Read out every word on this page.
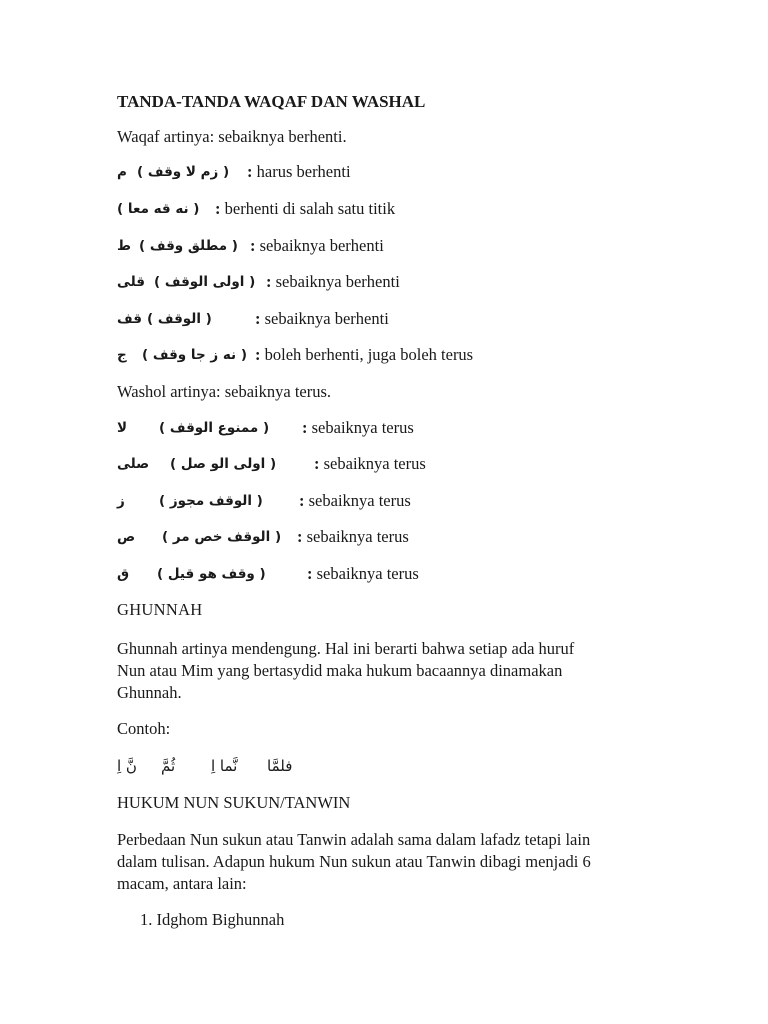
TANDA-TANDA WAQAF DAN WASHAL
Waqaf artinya: sebaiknya berhenti.
م ( زم لا وقف ) : harus berhenti
( نه قه معا ) : berhenti di salah satu titik
ط ( مطلق وقف ) : sebaiknya berhenti
قلى ( اولى الوقف ) : sebaiknya berhenti
قف ( الوقف )	: sebaiknya berhenti
ج ( نه ز جا وقف ) : boleh berhenti, juga boleh terus
Washol artinya: sebaiknya terus.
لا ( ممنوع الوقف ) : sebaiknya terus
صلى ( اولى الو صل ) : sebaiknya terus
ز	( الوقف مجوز ) : sebaiknya terus
ص ( الوقف خص مر ) : sebaiknya terus
ق ( وقف هو قيل )	: sebaiknya terus
GHUNNAH
Ghunnah artinya mendengung. Hal ini berarti bahwa setiap ada huruf
Nun atau Mim yang bertasydid maka hukum bacaannya dinamakan
Ghunnah.
Contoh:
فلمَّا
نَّما اِ
ثُمَّ
نَّ اِ
HUKUM NUN SUKUN/TANWIN
Perbedaan Nun sukun atau Tanwin adalah sama dalam lafadz tetapi lain
dalam tulisan. Adapun hukum Nun sukun atau Tanwin dibagi menjadi 6
macam, antara lain:
1. Idghom Bighunnah
